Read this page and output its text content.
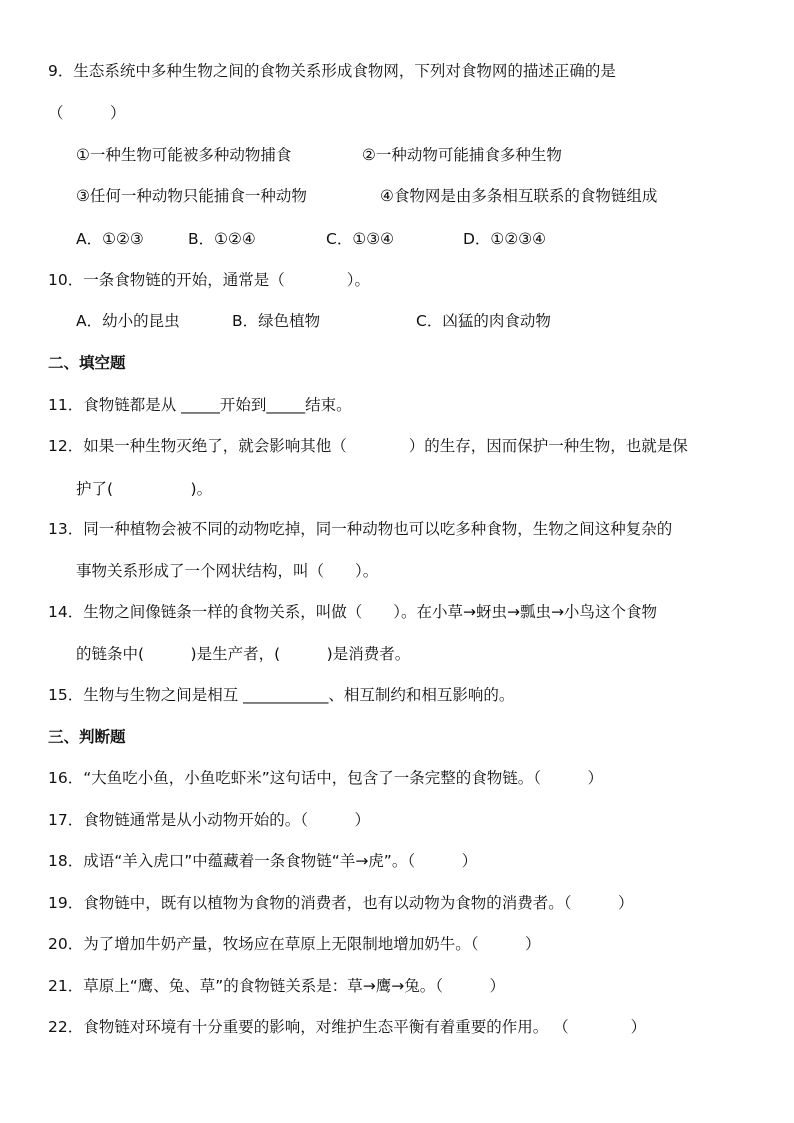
9．生态系统中多种生物之间的食物关系形成食物网，下列对食物网的描述正确的是
（　　　）
①一种生物可能被多种动物捕食	②一种动物可能捕食多种生物
③任何一种动物只能捕食一种动物	④食物网是由多条相互联系的食物链组成
A．①②③	B．①②④	C．①③④	D．①②③④
10．一条食物链的开始，通常是（　　　　）。
A．幼小的昆虫	B．绿色植物	C．凶猛的肉食动物
二、填空题
11．食物链都是从 _____开始到_____结束。
12．如果一种生物灭绝了，就会影响其他（　　　　）的生存，因而保护一种生物，也就是保
护了(　　　　　)。
13．同一种植物会被不同的动物吃掉，同一种动物也可以吃多种食物，生物之间这种复杂的
事物关系形成了一个网状结构，叫（　　）。
14．生物之间像链条一样的食物关系，叫做（　　）。在小草→蚜虫→瓢虫→小鸟这个食物
的链条中(　　　)是生产者，(　　　)是消费者。
15．生物与生物之间是相互 ___________、相互制约和相互影响的。
三、判断题
16．“大鱼吃小鱼，小鱼吃虾米”这句话中，包含了一条完整的食物链。（　　　）
17．食物链通常是从小动物开始的。（　　　）
18．成语“羊入虎口”中蕴藏着一条食物链“羊→虎”。（　　　）
19．食物链中，既有以植物为食物的消费者，也有以动物为食物的消费者。（　　　）
20．为了增加牛奶产量，牧场应在草原上无限制地增加奶牛。（　　　）
21．草原上“鹰、兔、草”的食物链关系是：草→鹰→兔。（　　　）
22．食物链对环境有十分重要的影响，对维护生态平衡有着重要的作用。 （　　　　）
